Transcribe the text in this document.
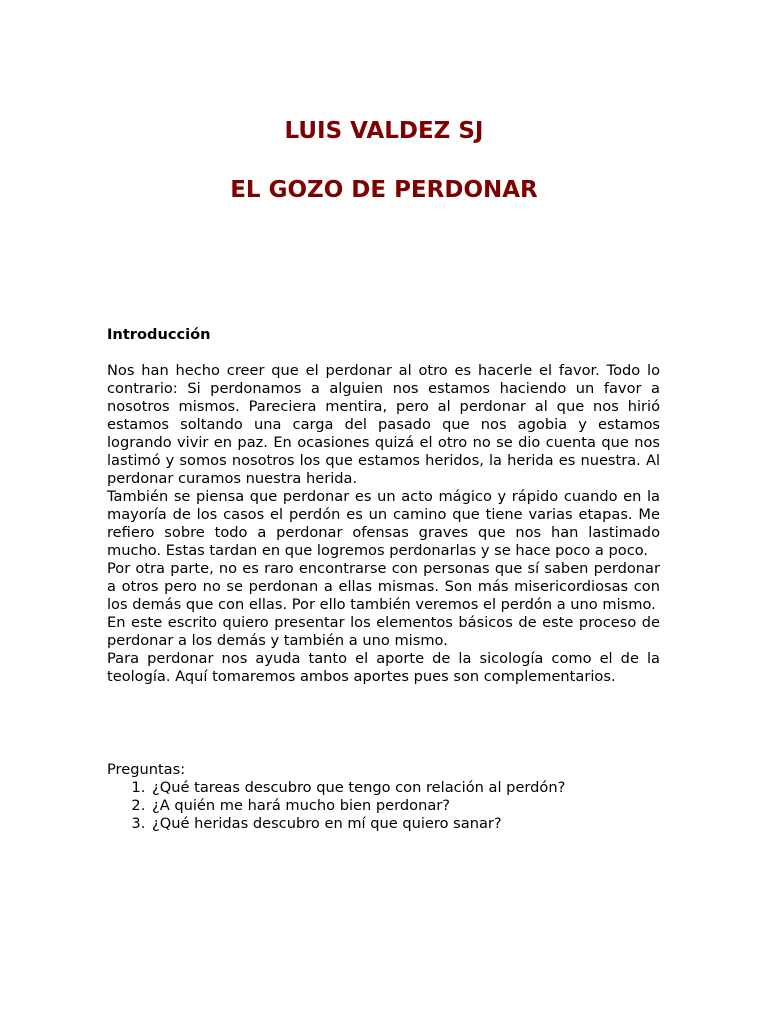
LUIS VALDEZ SJ
EL GOZO DE PERDONAR
Introducción

Nos han hecho creer que el perdonar al otro es hacerle el favor. Todo lo contrario: Si perdonamos a alguien nos estamos haciendo un favor a nosotros mismos. Pareciera mentira, pero al perdonar al que nos hirió estamos soltando una carga del pasado que nos agobia y estamos logrando vivir en paz. En ocasiones quizá el otro no se dio cuenta que nos lastimó y somos nosotros los que estamos heridos, la herida es nuestra. Al perdonar curamos nuestra herida.

También se piensa que perdonar es un acto mágico y rápido cuando en la mayoría de los casos el perdón es un camino que tiene varias etapas. Me refiero sobre todo a perdonar ofensas graves que nos han lastimado mucho. Estas tardan en que logremos perdonarlas y se hace poco a poco.

Por otra parte, no es raro encontrarse con personas que sí saben perdonar a otros pero no se perdonan a ellas mismas. Son más misericordiosas con los demás que con ellas. Por ello también veremos el perdón a uno mismo.

En este escrito quiero presentar los elementos básicos de este proceso de perdonar a los demás y también a uno mismo.

Para perdonar nos ayuda tanto el aporte de la sicología como el de la teología. Aquí tomaremos ambos aportes pues son complementarios.

Preguntas:

1. ¿Qué tareas descubro que tengo con relación al perdón?
2. ¿A quién me hará mucho bien perdonar?
3. ¿Qué heridas descubro en mí que quiero sanar?
